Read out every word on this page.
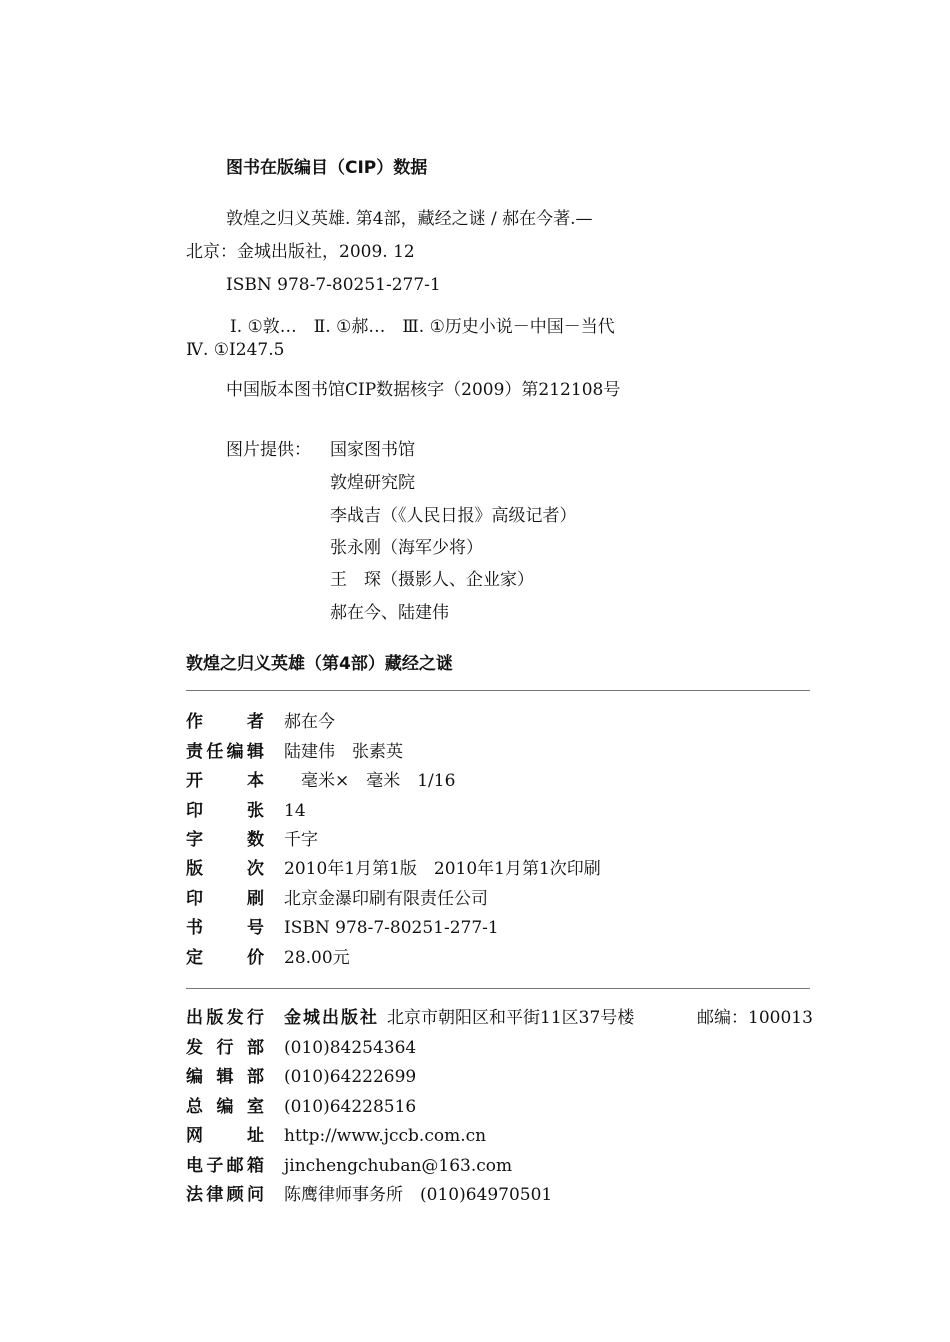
图书在版编目（CIP）数据
敦煌之归义英雄. 第4部，藏经之谜 / 郝在今著.—
北京：金城出版社，2009. 12
ISBN 978-7-80251-277-1
Ⅰ. ①敦…　Ⅱ. ①郝…　Ⅲ. ①历史小说－中国－当代
Ⅳ. ①I247.5
中国版本图书馆CIP数据核字（2009）第212108号
图片提供： 国家图书馆
敦煌研究院
李战吉（《人民日报》高级记者）
张永刚（海军少将）
王　琛（摄影人、企业家）
郝在今、陆建伟
敦煌之归义英雄（第4部）藏经之谜
作	者 郝在今
责 任 编 辑 陆建伟　张素英
开	本 　毫米×　毫米　1/16
印	张 14
字	数 千字
版	次 2010年1月第1版　2010年1月第1次印刷
印	刷 北京金瀑印刷有限责任公司
书	号 ISBN 978-7-80251-277-1
定	价 28.00元
出 版 发 行 金城出版社 北京市朝阳区和平街11区37号楼	邮编：100013
发 行 部 (010)84254364
编 辑 部 (010)64222699
总 编 室 (010)64228516
网	址 http://www.jccb.com.cn
电 子 邮 箱 jinchengchuban@163.com
法 律 顾 问 陈鹰律师事务所　(010)64970501
